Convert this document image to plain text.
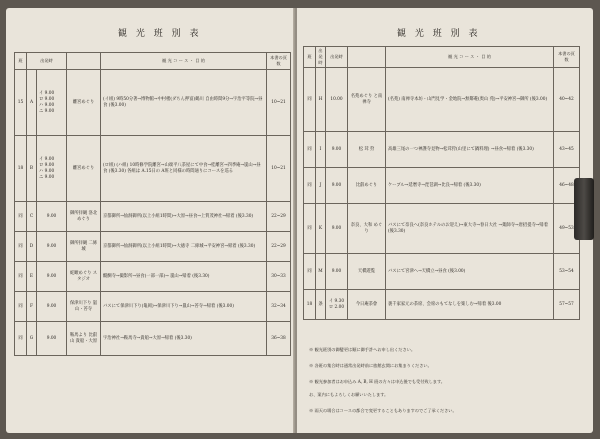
観 光 班 別 表
班	出発時			観 光 コ ー ス ・ 目 的	本書の頁 数
15	A	イ 9.00
ロ 9.00
ハ 9.00
ニ 9.00	離宮めぐり	(イ組) 9時50分著→博物館→中村楼(ダちん押富)鶴川 自由時間9分→宇治平等院→昼食 (後3.00)	10~21
18	B	イ 9.00
ロ 9.00
ハ 9.00
ニ 9.00	離宮めぐり	(ロ組) (ハ組) 10時修学院離宮→山端平八茶屋にて中食→桂離宮→四季庵→嵐山→昼食 (後3.30) 各組は A.15日の A班と同様の時間通りにコースを巡る	10~21
同	C	9.00	御所拝観 洛北めぐり	京都御所→仙洞御所(以上小組1時間)→大原→昼食→上賀茂神社→帰着 (後3.30)	22~29
同	D	9.00	御所拝観 二條城	京都御所→仙洞御所(以上小組1時間)→大徳寺 二條城→平安神宮→帰着 (後3.30)	22~29
同	E	9.00	蛇瞰めぐり スタジオ	醍醐寺→撮影所→昼食(一部一部)→ 嵐山→帰着 (後3.30)	30~33
同	F	9.00	保津川下り 嵐山・苔寺	バスにて保津川下り(亀岡)→保津川下り→嵐山→苔寺→帰着 (後3.00)	32~34
同	G	9.00	鞍馬より 比叡山 貴船・大原	宇治神社→鞍馬寺→貴船→大原→帰着 (後3.30)	36~38
観 光 班 別 表
班	出発時	出発時		観 光 コ ー ス ・ 目 的	本書の頁 数
同	H	10.00	名苑めぐり と南禅寺	(名苑) 南禅寺本坊・山門見学・金地院→無鄰菴(奥山 苑)→平安神宮→御所 (後3.00)	40~42
同	I	9.00	松 茸 狩	高雄三尾の一つ神護寺見物→松茸狩(山里にて鍋料理) →昼食→帰着 (後3.30)	43~45
同	J	9.00	比叡めぐり	ケーブル→延暦寺→琵琶湖→比良→帰着 (後3.30)	46~48
同	K	9.00	奈良、大和 めぐり	バスにて奈良へ(奈良ホテルのお迎え)→東大寺→春日大社 →薬師寺→唐招提寺→帰着 (後3.30)	49~53
同	M	9.00	天橋遊覧	バスにて宮津へ→天橋立→昼食 (後3.00)	53~54
18	条	イ 9.30 ロ 2.00	今日庵茶會	裏千家家元の茶席、会席のもてなしを楽しむ→帰着 後3.00	57~57
※ 観光班別の御變更は順に御手許へお申し出ください。
※ 各班の集合時は通常出発時前に旅館玄関にお集まりください。
※ 観光参加者はお申込み A, B, H 班の方々は申込後でも受付致します。
お、案内にもよろしくお願いいたします。
※ 雨天の場合はコースの都合で変更することもありますのでご了承ください。
